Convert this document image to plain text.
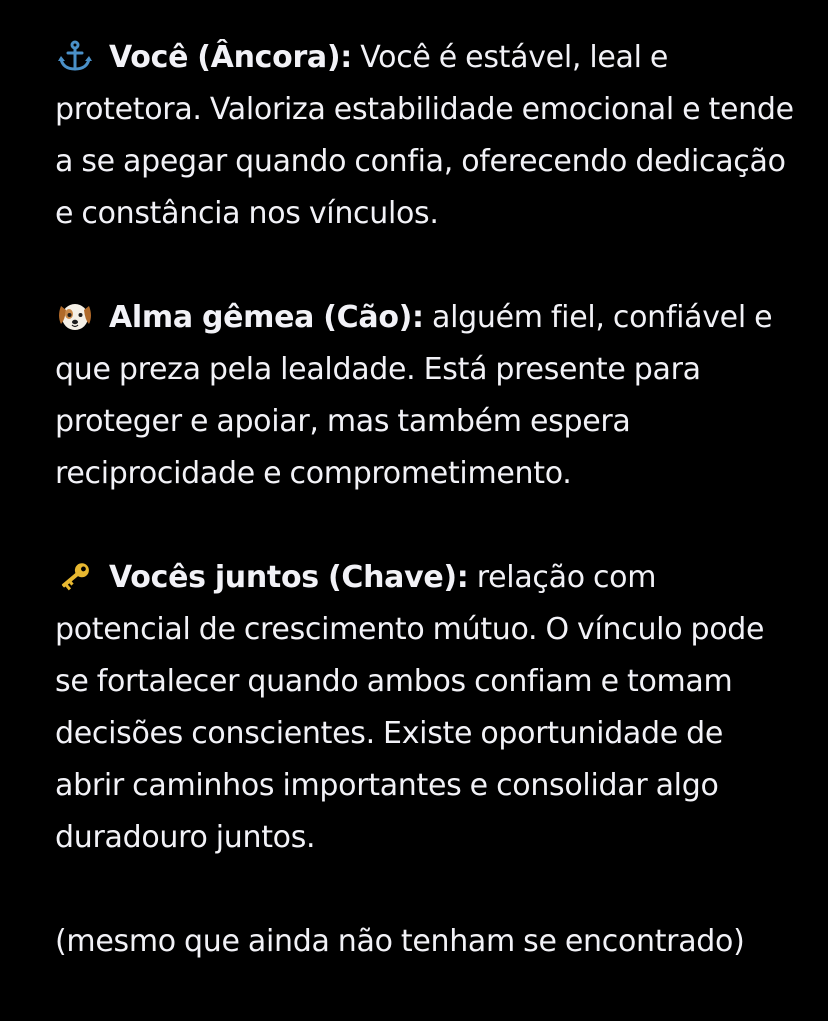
Você (Âncora): Você é estável, leal e protetora. Valoriza estabilidade emocional e tende a se apegar quando confia, oferecendo dedicação e constância nos vínculos.

Alma gêmea (Cão): alguém fiel, confiável e que preza pela lealdade. Está presente para proteger e apoiar, mas também espera reciprocidade e comprometimento.

Vocês juntos (Chave): relação com potencial de crescimento mútuo. O vínculo pode se fortalecer quando ambos confiam e tomam decisões conscientes. Existe oportunidade de abrir caminhos importantes e consolidar algo duradouro juntos.

(mesmo que ainda não tenham se encontrado)
